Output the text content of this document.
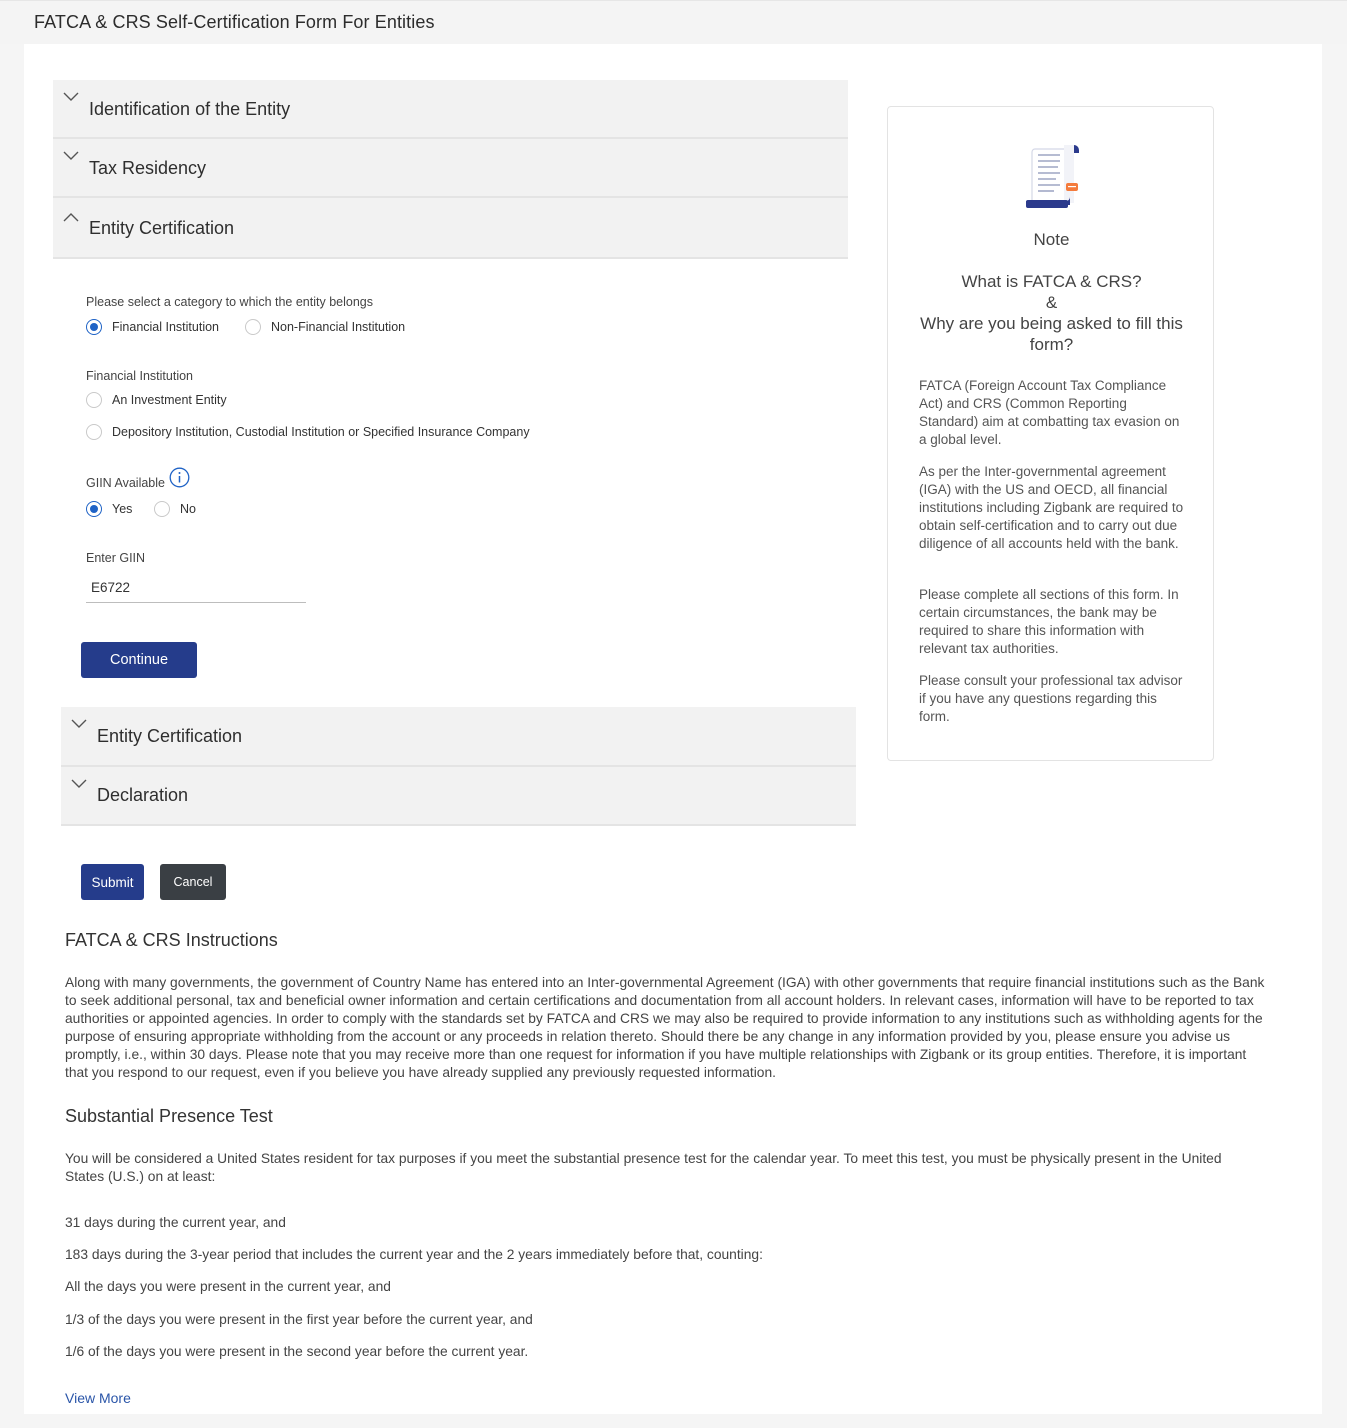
FATCA & CRS Self-Certification Form For Entities
Identification of the Entity
Tax Residency
Entity Certification
Please select a category to which the entity belongs
Financial Institution	Non-Financial Institution
Financial Institution
An Investment Entity
Depository Institution, Custodial Institution or Specified Insurance Company
GIIN Available
Yes	No
Enter GIIN
E6722
Continue
Entity Certification
Declaration
Submit	Cancel
Note
What is FATCA & CRS?
&
Why are you being asked to fill this form?
FATCA (Foreign Account Tax Compliance Act) and CRS (Common Reporting Standard) aim at combatting tax evasion on a global level.
As per the Inter-governmental agreement (IGA) with the US and OECD, all financial institutions including Zigbank are required to obtain self-certification and to carry out due diligence of all accounts held with the bank.
Please complete all sections of this form. In certain circumstances, the bank may be required to share this information with relevant tax authorities.
Please consult your professional tax advisor if you have any questions regarding this form.
FATCA & CRS Instructions
Along with many governments, the government of Country Name has entered into an Inter-governmental Agreement (IGA) with other governments that require financial institutions such as the Bank to seek additional personal, tax and beneficial owner information and certain certifications and documentation from all account holders. In relevant cases, information will have to be reported to tax authorities or appointed agencies. In order to comply with the standards set by FATCA and CRS we may also be required to provide information to any institutions such as withholding agents for the purpose of ensuring appropriate withholding from the account or any proceeds in relation thereto. Should there be any change in any information provided by you, please ensure you advise us promptly, i.e., within 30 days. Please note that you may receive more than one request for information if you have multiple relationships with Zigbank or its group entities. Therefore, it is important that you respond to our request, even if you believe you have already supplied any previously requested information.
Substantial Presence Test
You will be considered a United States resident for tax purposes if you meet the substantial presence test for the calendar year. To meet this test, you must be physically present in the United States (U.S.) on at least:
31 days during the current year, and
183 days during the 3-year period that includes the current year and the 2 years immediately before that, counting:
All the days you were present in the current year, and
1/3 of the days you were present in the first year before the current year, and
1/6 of the days you were present in the second year before the current year.
View More
